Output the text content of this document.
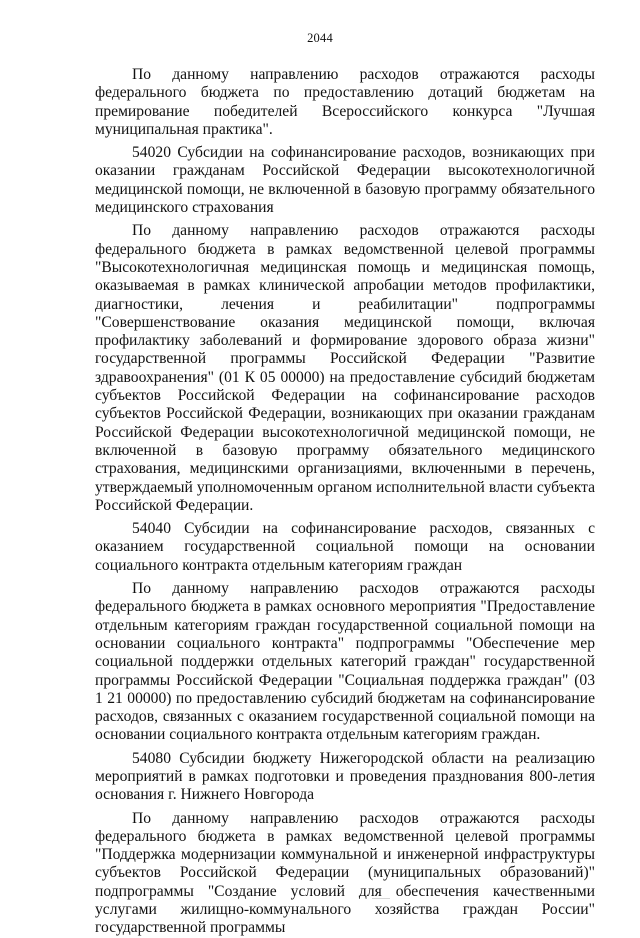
2044

По данному направлению расходов отражаются расходы федерального бюджета по предоставлению дотаций бюджетам на премирование победителей Всероссийского конкурса "Лучшая муниципальная практика".

54020 Субсидии на софинансирование расходов, возникающих при оказании гражданам Российской Федерации высокотехнологичной медицинской помощи, не включенной в базовую программу обязательного медицинского страхования

По данному направлению расходов отражаются расходы федерального бюджета в рамках ведомственной целевой программы "Высокотехнологичная медицинская помощь и медицинская помощь, оказываемая в рамках клинической апробации методов профилактики, диагностики, лечения и реабилитации" подпрограммы "Совершенствование оказания медицинской помощи, включая профилактику заболеваний и формирование здорового образа жизни" государственной программы Российской Федерации "Развитие здравоохранения" (01 К 05 00000) на предоставление субсидий бюджетам субъектов Российской Федерации на софинансирование расходов субъектов Российской Федерации, возникающих при оказании гражданам Российской Федерации высокотехнологичной медицинской помощи, не включенной в базовую программу обязательного медицинского страхования, медицинскими организациями, включенными в перечень, утверждаемый уполномоченным органом исполнительной власти субъекта Российской Федерации.

54040 Субсидии на софинансирование расходов, связанных с оказанием государственной социальной помощи на основании социального контракта отдельным категориям граждан

По данному направлению расходов отражаются расходы федерального бюджета в рамках основного мероприятия "Предоставление отдельным категориям граждан государственной социальной помощи на основании социального контракта" подпрограммы "Обеспечение мер социальной поддержки отдельных категорий граждан" государственной программы Российской Федерации "Социальная поддержка граждан" (03 1 21 00000) по предоставлению субсидий бюджетам на софинансирование расходов, связанных с оказанием государственной социальной помощи на основании социального контракта отдельным категориям граждан.

54080 Субсидии бюджету Нижегородской области на реализацию мероприятий в рамках подготовки и проведения празднования 800-летия основания г. Нижнего Новгорода

По данному направлению расходов отражаются расходы федерального бюджета в рамках ведомственной целевой программы "Поддержка модернизации коммунальной и инженерной инфраструктуры субъектов Российской Федерации (муниципальных образований)" подпрограммы "Создание условий для обеспечения качественными услугами жилищно-коммунального хозяйства граждан России" государственной программы
